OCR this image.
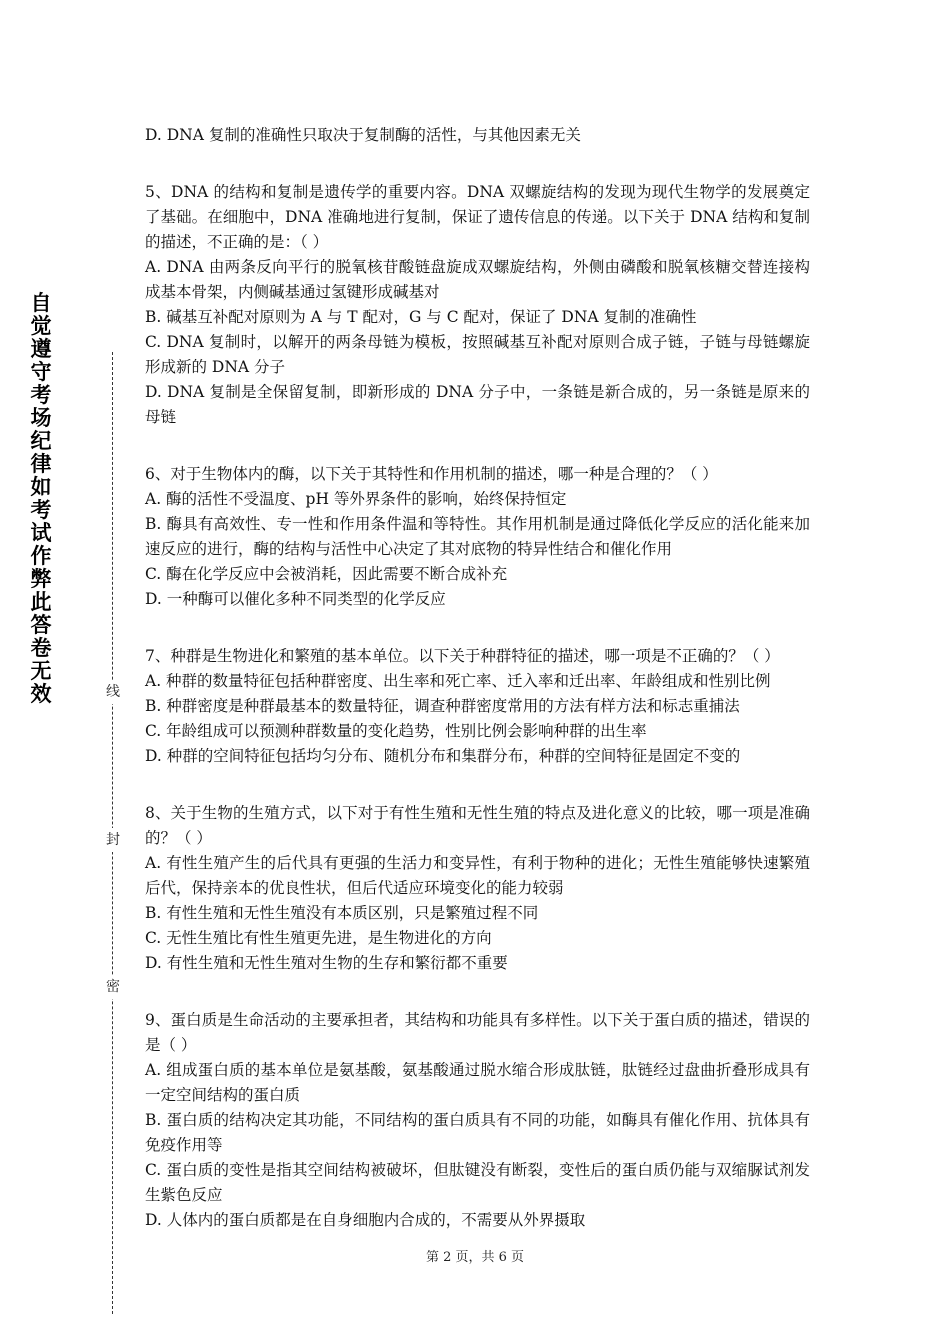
自觉遵守考场纪律如考试作弊此答卷无效	线
封
密

D. DNA 复制的准确性只取决于复制酶的活性，与其他因素无关

5、DNA 的结构和复制是遗传学的重要内容。DNA 双螺旋结构的发现为现代生物学的发展奠定了基础。在细胞中，DNA 准确地进行复制，保证了遗传信息的传递。以下关于 DNA 结构和复制的描述，不正确的是：（ ）

A. DNA 由两条反向平行的脱氧核苷酸链盘旋成双螺旋结构，外侧由磷酸和脱氧核糖交替连接构成基本骨架，内侧碱基通过氢键形成碱基对

B. 碱基互补配对原则为 A 与 T 配对，G 与 C 配对，保证了 DNA 复制的准确性

C. DNA 复制时，以解开的两条母链为模板，按照碱基互补配对原则合成子链，子链与母链螺旋形成新的 DNA 分子

D. DNA 复制是全保留复制，即新形成的 DNA 分子中，一条链是新合成的，另一条链是原来的母链

6、对于生物体内的酶，以下关于其特性和作用机制的描述，哪一种是合理的？（ ）

A. 酶的活性不受温度、pH 等外界条件的影响，始终保持恒定

B. 酶具有高效性、专一性和作用条件温和等特性。其作用机制是通过降低化学反应的活化能来加速反应的进行，酶的结构与活性中心决定了其对底物的特异性结合和催化作用

C. 酶在化学反应中会被消耗，因此需要不断合成补充

D. 一种酶可以催化多种不同类型的化学反应

7、种群是生物进化和繁殖的基本单位。以下关于种群特征的描述，哪一项是不正确的？（ ）

A. 种群的数量特征包括种群密度、出生率和死亡率、迁入率和迁出率、年龄组成和性别比例

B. 种群密度是种群最基本的数量特征，调查种群密度常用的方法有样方法和标志重捕法

C. 年龄组成可以预测种群数量的变化趋势，性别比例会影响种群的出生率

D. 种群的空间特征包括均匀分布、随机分布和集群分布，种群的空间特征是固定不变的

8、关于生物的生殖方式，以下对于有性生殖和无性生殖的特点及进化意义的比较，哪一项是准确的？（ ）

A. 有性生殖产生的后代具有更强的生活力和变异性，有利于物种的进化；无性生殖能够快速繁殖后代，保持亲本的优良性状，但后代适应环境变化的能力较弱

B. 有性生殖和无性生殖没有本质区别，只是繁殖过程不同

C. 无性生殖比有性生殖更先进，是生物进化的方向

D. 有性生殖和无性生殖对生物的生存和繁衍都不重要

9、蛋白质是生命活动的主要承担者，其结构和功能具有多样性。以下关于蛋白质的描述，错误的是（ ）

A. 组成蛋白质的基本单位是氨基酸，氨基酸通过脱水缩合形成肽链，肽链经过盘曲折叠形成具有一定空间结构的蛋白质

B. 蛋白质的结构决定其功能，不同结构的蛋白质具有不同的功能，如酶具有催化作用、抗体具有免疫作用等

C. 蛋白质的变性是指其空间结构被破坏，但肽键没有断裂，变性后的蛋白质仍能与双缩脲试剂发生紫色反应

D. 人体内的蛋白质都是在自身细胞内合成的，不需要从外界摄取

第 2 页，共 6 页
